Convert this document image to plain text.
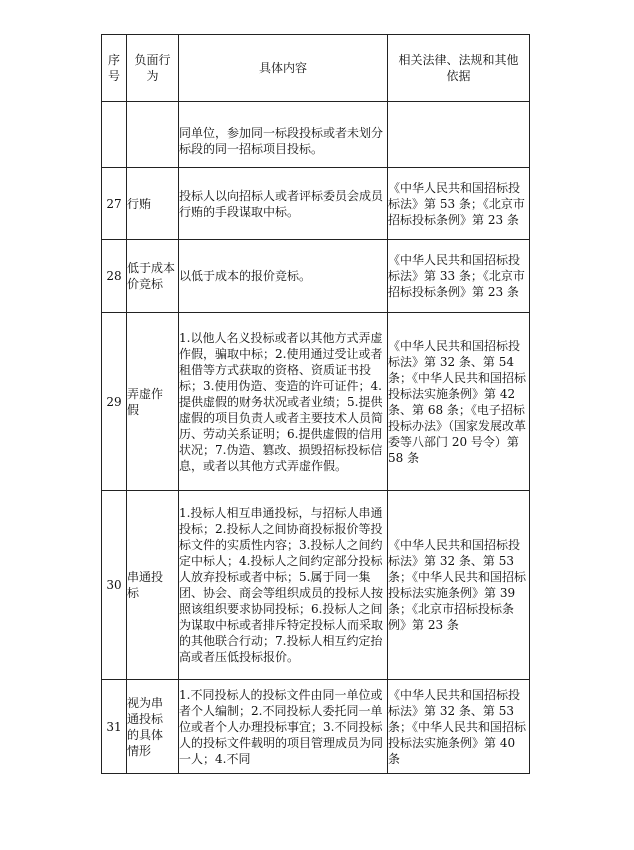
序号	负面行为	具体内容	相关法律、法规和其他依据
		同单位，参加同一标段投标或者未划分标段的同一招标项目投标。	
27	行贿	投标人以向招标人或者评标委员会成员行贿的手段谋取中标。	《中华人民共和国招标投标法》第 53 条；《北京市招标投标条例》第 23 条
28	低于成本价竞标	以低于成本的报价竞标。	《中华人民共和国招标投标法》第 33 条；《北京市招标投标条例》第 23 条
29	弄虚作假	1.以他人名义投标或者以其他方式弄虚作假，骗取中标；2.使用通过受让或者租借等方式获取的资格、资质证书投标；3.使用伪造、变造的许可证件；4.提供虚假的财务状况或者业绩；5.提供虚假的项目负责人或者主要技术人员简历、劳动关系证明；6.提供虚假的信用状况；7.伪造、篡改、损毁招标投标信息，或者以其他方式弄虚作假。	《中华人民共和国招标投标法》第 32 条、第 54 条；《中华人民共和国招标投标法实施条例》第 42 条、第 68 条；《电子招标投标办法》（国家发展改革委等八部门 20 号令）第 58 条
30	串通投标	1.投标人相互串通投标，与招标人串通投标；2.投标人之间协商投标报价等投标文件的实质性内容；3.投标人之间约定中标人；4.投标人之间约定部分投标人放弃投标或者中标；5.属于同一集团、协会、商会等组织成员的投标人按照该组织要求协同投标；6.投标人之间为谋取中标或者排斥特定投标人而采取的其他联合行动；7.投标人相互约定抬高或者压低投标报价。	《中华人民共和国招标投标法》第 32 条、第 53 条；《中华人民共和国招标投标法实施条例》第 39 条；《北京市招标投标条例》第 23 条
31	视为串通投标的具体情形	1.不同投标人的投标文件由同一单位或者个人编制；2.不同投标人委托同一单位或者个人办理投标事宜；3.不同投标人的投标文件载明的项目管理成员为同一人；4.不同	《中华人民共和国招标投标法》第 32 条、第 53 条；《中华人民共和国招标投标法实施条例》第 40 条
